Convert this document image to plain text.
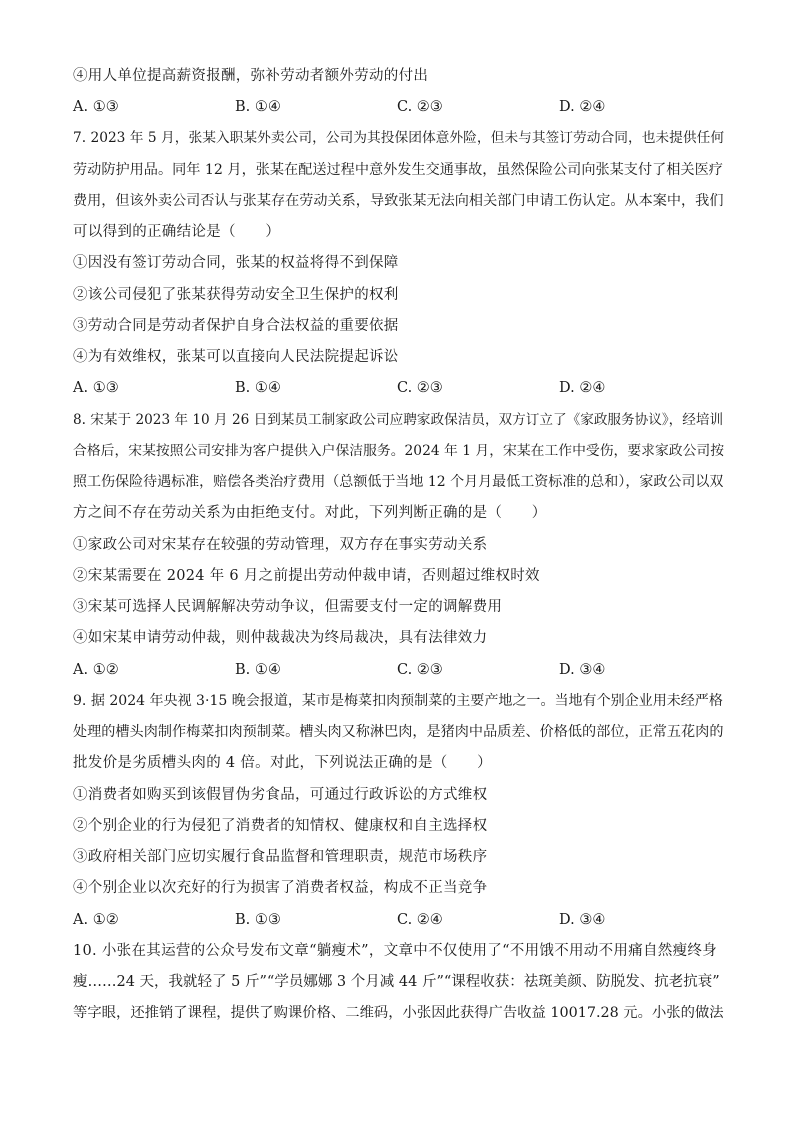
④用人单位提高薪资报酬，弥补劳动者额外劳动的付出
A. ①③	B. ①④	C. ②③	D. ②④
7. 2023 年 5 月，张某入职某外卖公司，公司为其投保团体意外险，但未与其签订劳动合同，也未提供任何
劳动防护用品。同年 12 月，张某在配送过程中意外发生交通事故，虽然保险公司向张某支付了相关医疗
费用，但该外卖公司否认与张某存在劳动关系，导致张某无法向相关部门申请工伤认定。从本案中，我们
可以得到的正确结论是（　　）
①因没有签订劳动合同，张某的权益将得不到保障
②该公司侵犯了张某获得劳动安全卫生保护的权利
③劳动合同是劳动者保护自身合法权益的重要依据
④为有效维权，张某可以直接向人民法院提起诉讼
A. ①③	B. ①④	C. ②③	D. ②④
8. 宋某于 2023 年 10 月 26 日到某员工制家政公司应聘家政保洁员，双方订立了《家政服务协议》，经培训
合格后，宋某按照公司安排为客户提供入户保洁服务。2024 年 1 月，宋某在工作中受伤，要求家政公司按
照工伤保险待遇标准，赔偿各类治疗费用（总额低于当地 12 个月月最低工资标准的总和），家政公司以双
方之间不存在劳动关系为由拒绝支付。对此，下列判断正确的是（　　）
①家政公司对宋某存在较强的劳动管理，双方存在事实劳动关系
②宋某需要在 2024 年 6 月之前提出劳动仲裁申请，否则超过维权时效
③宋某可选择人民调解解决劳动争议，但需要支付一定的调解费用
④如宋某申请劳动仲裁，则仲裁裁决为终局裁决，具有法律效力
A. ①②	B. ①④	C. ②③	D. ③④
9. 据 2024 年央视 3·15 晚会报道，某市是梅菜扣肉预制菜的主要产地之一。当地有个别企业用未经严格
处理的槽头肉制作梅菜扣肉预制菜。槽头肉又称淋巴肉，是猪肉中品质差、价格低的部位，正常五花肉的
批发价是劣质槽头肉的 4 倍。对此，下列说法正确的是（　　）
①消费者如购买到该假冒伪劣食品，可通过行政诉讼的方式维权
②个别企业的行为侵犯了消费者的知情权、健康权和自主选择权
③政府相关部门应切实履行食品监督和管理职责，规范市场秩序
④个别企业以次充好的行为损害了消费者权益，构成不正当竞争
A. ①②	B. ①③	C. ②④	D. ③④
10. 小张在其运营的公众号发布文章“躺瘦术”，文章中不仅使用了“不用饿不用动不用痛自然瘦终身
瘦……24 天，我就轻了 5 斤”“学员娜娜 3 个月减 44 斤”“课程收获：祛斑美颜、防脱发、抗老抗衰”
等字眼，还推销了课程，提供了购课价格、二维码，小张因此获得广告收益 10017.28 元。小张的做法
